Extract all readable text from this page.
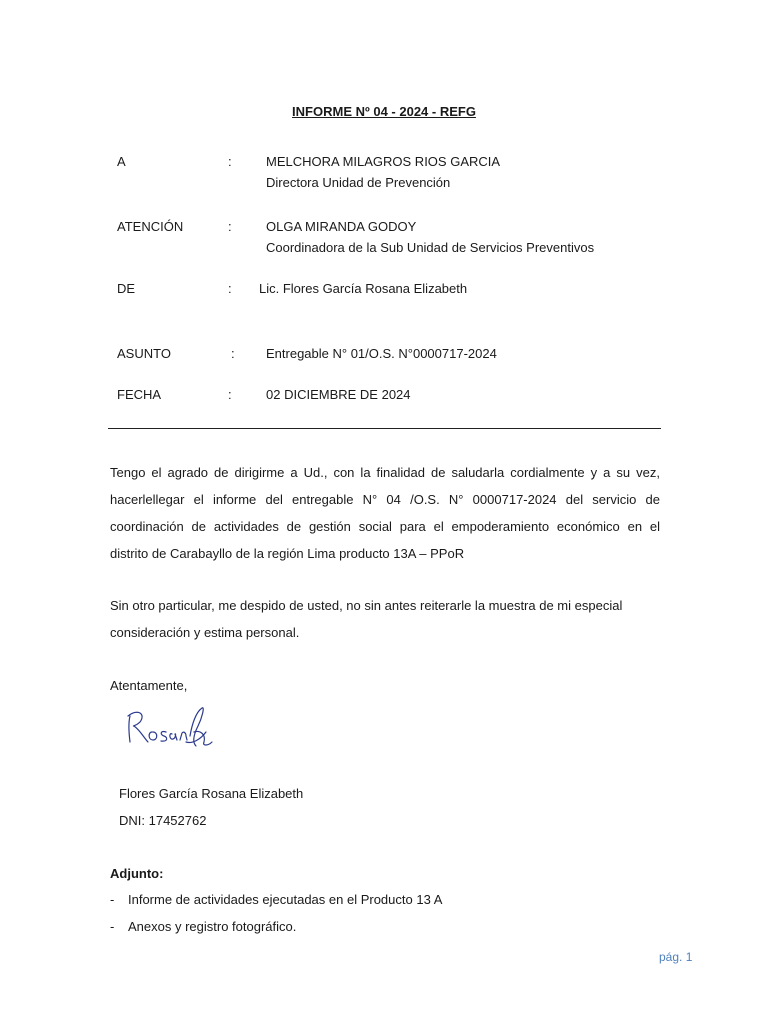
INFORME Nº 04 - 2024 - REFG
A	:	MELCHORA MILAGROS RIOS GARCIA
Directora Unidad de Prevención
ATENCIÓN	:	OLGA MIRANDA GODOY
Coordinadora de la Sub Unidad de Servicios Preventivos
DE	: Lic. Flores García Rosana Elizabeth
ASUNTO	: Entregable N° 01/O.S. N°0000717-2024
FECHA	:	02 DICIEMBRE DE 2024
Tengo el agrado de dirigirme a Ud., con la finalidad de saludarla cordialmente y a su vez,
hacerlellegar el informe del entregable N° 04 /O.S. N° 0000717-2024 del servicio de
coordinación de actividades de gestión social para el empoderamiento económico en el
distrito de Carabayllo de la región Lima producto 13A – PPoR
Sin otro particular, me despido de usted, no sin antes reiterarle la muestra de mi especial
consideración y estima personal.
Atentamente,
Flores García Rosana Elizabeth
DNI: 17452762
Adjunto:
- Informe de actividades ejecutadas en el Producto 13 A
- Anexos y registro fotográfico.
pág. 1
